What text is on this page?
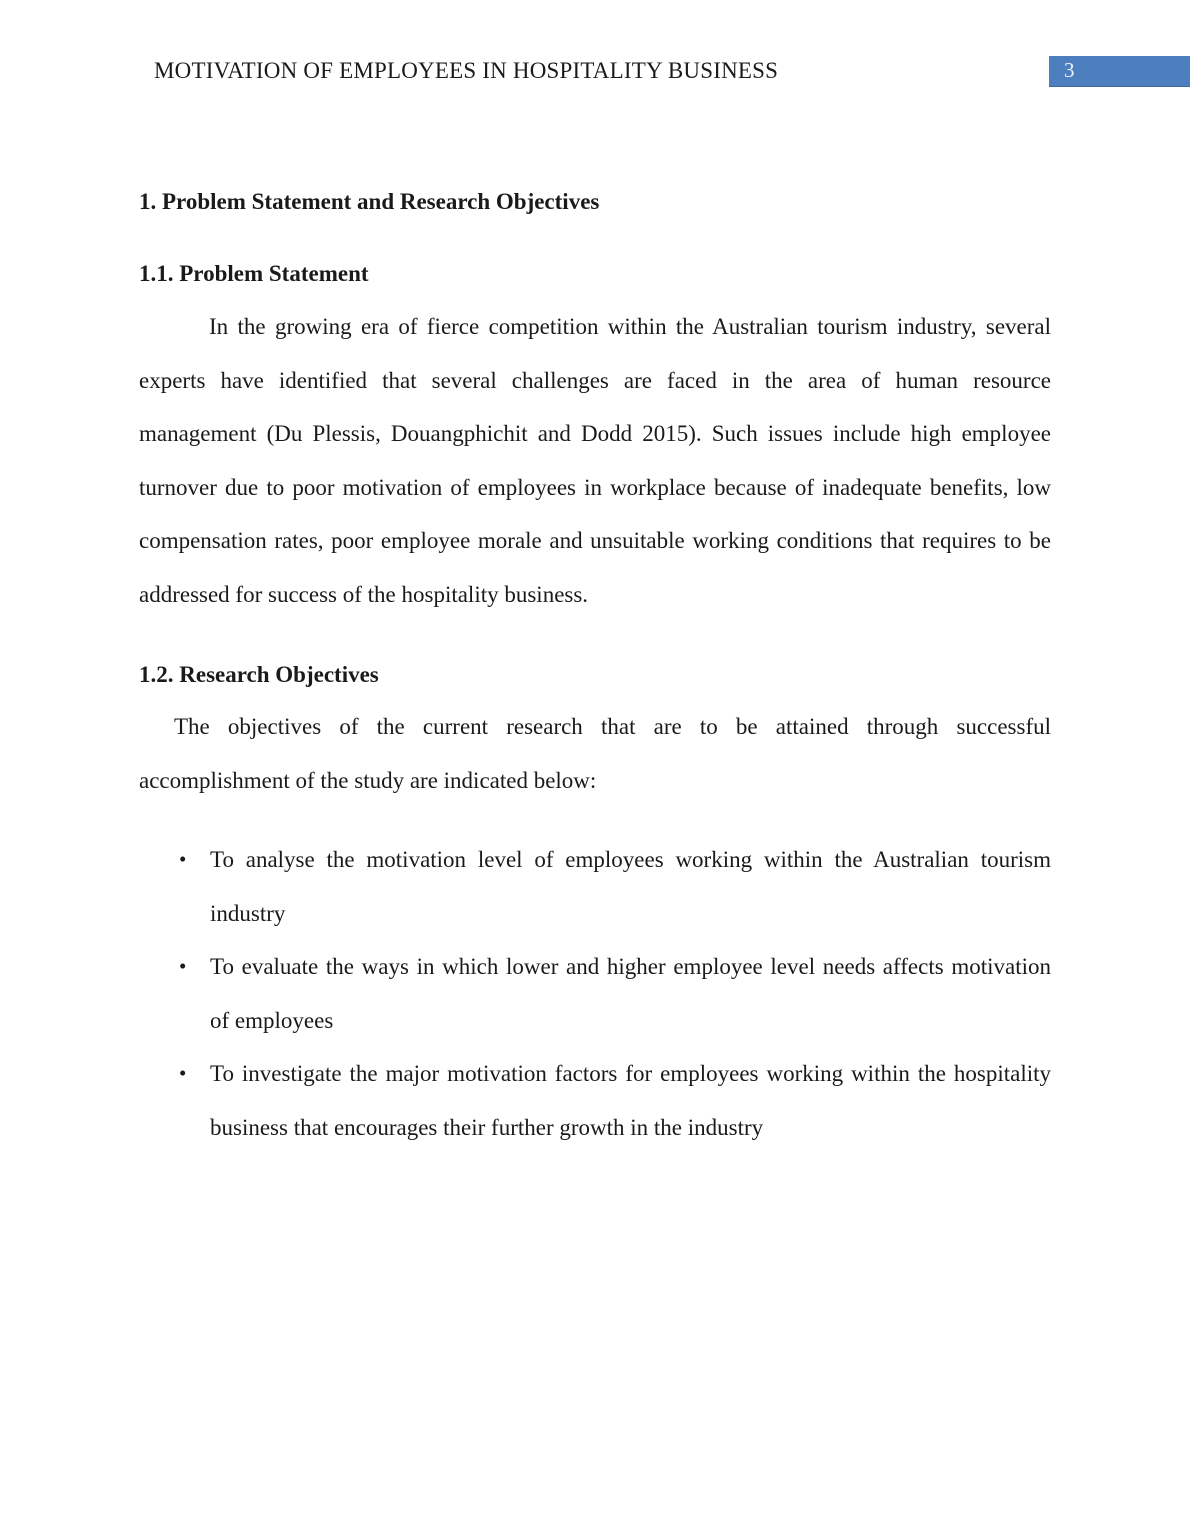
MOTIVATION OF EMPLOYEES IN HOSPITALITY BUSINESS	3
1. Problem Statement and Research Objectives
1.1. Problem Statement

In the growing era of fierce competition within the Australian tourism industry, several experts have identified that several challenges are faced in the area of human resource management (Du Plessis, Douangphichit and Dodd 2015). Such issues include high employee turnover due to poor motivation of employees in workplace because of inadequate benefits, low compensation rates, poor employee morale and unsuitable working conditions that requires to be addressed for success of the hospitality business.

1.2. Research Objectives

The objectives of the current research that are to be attained through successful accomplishment of the study are indicated below:

• To analyse the motivation level of employees working within the Australian tourism industry
• To evaluate the ways in which lower and higher employee level needs affects motivation of employees
• To investigate the major motivation factors for employees working within the hospitality business that encourages their further growth in the industry
